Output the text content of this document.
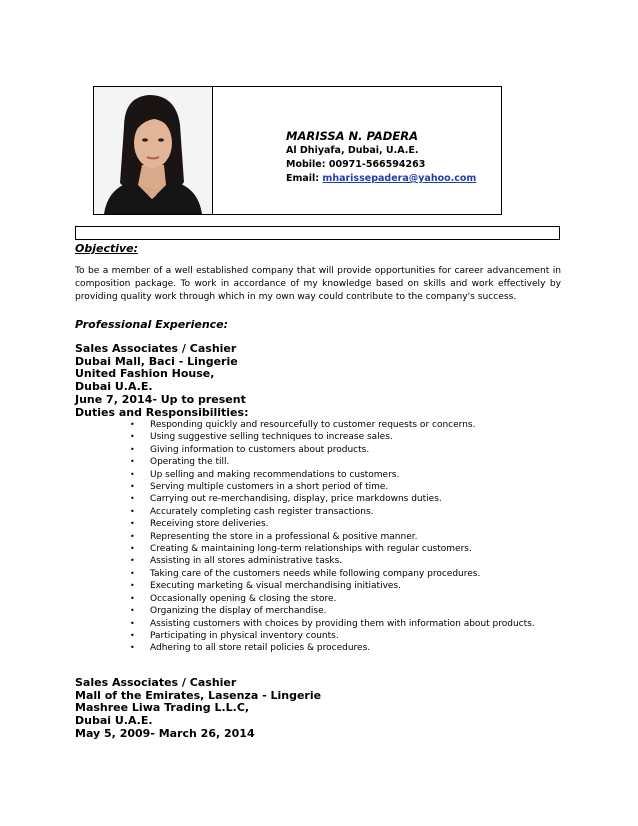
MARISSA N. PADERA
Al Dhiyafa, Dubai, U.A.E.
Mobile: 00971-566594263
Email: mharissepadera@yahoo.com
Objective:
To be a member of a well established company that will provide opportunities for career advancement in composition package. To work in accordance of my knowledge based on skills and work effectively by providing quality work through which in my own way could contribute to the company's success.
Professional Experience:
Sales Associates / Cashier
Dubai Mall, Baci - Lingerie
United Fashion House,
Dubai U.A.E.
June 7, 2014- Up to present
Duties and Responsibilities:
• Responding quickly and resourcefully to customer requests or concerns.
• Using suggestive selling techniques to increase sales.
• Giving information to customers about products.
• Operating the till.
• Up selling and making recommendations to customers.
• Serving multiple customers in a short period of time.
• Carrying out re-merchandising, display, price markdowns duties.
• Accurately completing cash register transactions.
• Receiving store deliveries.
• Representing the store in a professional & positive manner.
• Creating & maintaining long-term relationships with regular customers.
• Assisting in all stores administrative tasks.
• Taking care of the customers needs while following company procedures.
• Executing marketing & visual merchandising initiatives.
• Occasionally opening & closing the store.
• Organizing the display of merchandise.
• Assisting customers with choices by providing them with information about products.
• Participating in physical inventory counts.
• Adhering to all store retail policies & procedures.
Sales Associates / Cashier
Mall of the Emirates, Lasenza - Lingerie
Mashree Liwa Trading L.L.C,
Dubai U.A.E.
May 5, 2009- March 26, 2014
